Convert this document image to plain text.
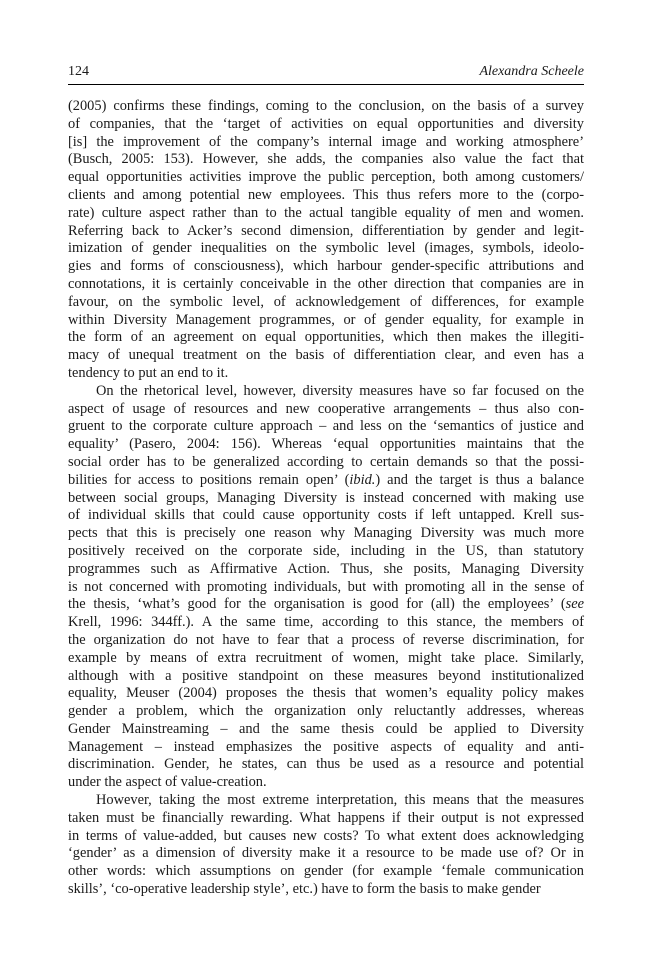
124	Alexandra Scheele
(2005) confirms these findings, coming to the conclusion, on the basis of a survey
of companies, that the ‘target of activities on equal opportunities and diversity
[is] the improvement of the company’s internal image and working atmosphere’
(Busch, 2005: 153). However, she adds, the companies also value the fact that
equal opportunities activities improve the public perception, both among customers/
clients and among potential new employees. This thus refers more to the (corpo-
rate) culture aspect rather than to the actual tangible equality of men and women.
Referring back to Acker’s second dimension, differentiation by gender and legit-
imization of gender inequalities on the symbolic level (images, symbols, ideolo-
gies and forms of consciousness), which harbour gender-specific attributions and
connotations, it is certainly conceivable in the other direction that companies are in
favour, on the symbolic level, of acknowledgement of differences, for example
within Diversity Management programmes, or of gender equality, for example in
the form of an agreement on equal opportunities, which then makes the illegiti-
macy of unequal treatment on the basis of differentiation clear, and even has a
tendency to put an end to it.
On the rhetorical level, however, diversity measures have so far focused on the
aspect of usage of resources and new cooperative arrangements – thus also con-
gruent to the corporate culture approach – and less on the ‘semantics of justice and
equality’ (Pasero, 2004: 156). Whereas ‘equal opportunities maintains that the
social order has to be generalized according to certain demands so that the possi-
bilities for access to positions remain open’ (ibid.) and the target is thus a balance
between social groups, Managing Diversity is instead concerned with making use
of individual skills that could cause opportunity costs if left untapped. Krell sus-
pects that this is precisely one reason why Managing Diversity was much more
positively received on the corporate side, including in the US, than statutory
programmes such as Affirmative Action. Thus, she posits, Managing Diversity
is not concerned with promoting individuals, but with promoting all in the sense of
the thesis, ‘what’s good for the organisation is good for (all) the employees’ (see
Krell, 1996: 344ff.). A the same time, according to this stance, the members of
the organization do not have to fear that a process of reverse discrimination, for
example by means of extra recruitment of women, might take place. Similarly,
although with a positive standpoint on these measures beyond institutionalized
equality, Meuser (2004) proposes the thesis that women’s equality policy makes
gender a problem, which the organization only reluctantly addresses, whereas
Gender Mainstreaming – and the same thesis could be applied to Diversity
Management – instead emphasizes the positive aspects of equality and anti-
discrimination. Gender, he states, can thus be used as a resource and potential
under the aspect of value-creation.
However, taking the most extreme interpretation, this means that the measures
taken must be financially rewarding. What happens if their output is not expressed
in terms of value-added, but causes new costs? To what extent does acknowledging
‘gender’ as a dimension of diversity make it a resource to be made use of? Or in
other words: which assumptions on gender (for example ‘female communication
skills’, ‘co-operative leadership style’, etc.) have to form the basis to make gender
